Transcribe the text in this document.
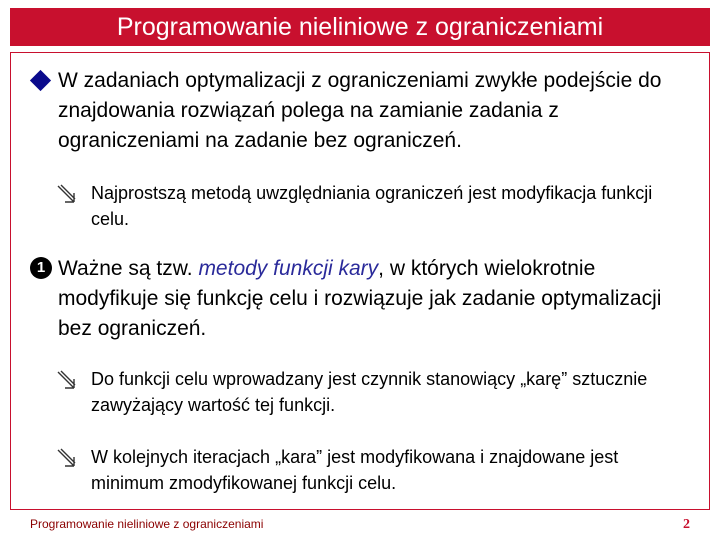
Programowanie nieliniowe z ograniczeniami
W zadaniach optymalizacji z ograniczeniami zwykłe podejście do znajdowania rozwiązań polega na zamianie zadania z ograniczeniami na zadanie bez ograniczeń.
Najprostszą metodą uwzględniania ograniczeń jest modyfikacja funkcji celu.
1 Ważne są tzw. metody funkcji kary, w których wielokrotnie modyfikuje się funkcję celu i rozwiązuje jak zadanie optymalizacji bez ograniczeń.
Do funkcji celu wprowadzany jest czynnik stanowiący „karę” sztucznie zawyżający wartość tej funkcji.
W kolejnych iteracjach „kara” jest modyfikowana i znajdowane jest minimum zmodyfikowanej funkcji celu.
Programowanie nieliniowe z ograniczeniami	2
